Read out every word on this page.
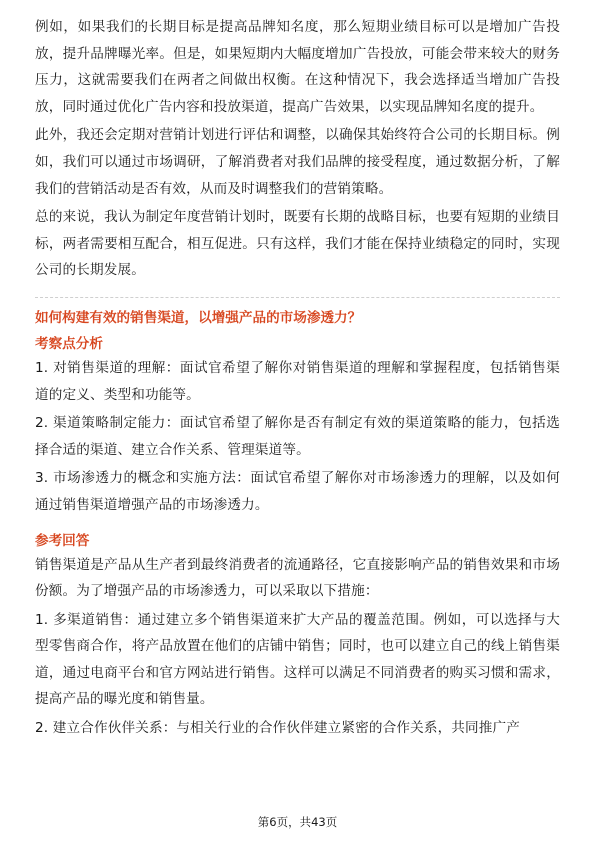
例如，如果我们的长期目标是提高品牌知名度，那么短期业绩目标可以是增加广告投放，提升品牌曝光率。但是，如果短期内大幅度增加广告投放，可能会带来较大的财务压力，这就需要我们在两者之间做出权衡。在这种情况下，我会选择适当增加广告投放，同时通过优化广告内容和投放渠道，提高广告效果，以实现品牌知名度的提升。

此外，我还会定期对营销计划进行评估和调整，以确保其始终符合公司的长期目标。例如，我们可以通过市场调研，了解消费者对我们品牌的接受程度，通过数据分析，了解我们的营销活动是否有效，从而及时调整我们的营销策略。

总的来说，我认为制定年度营销计划时，既要有长期的战略目标，也要有短期的业绩目标，两者需要相互配合，相互促进。只有这样，我们才能在保持业绩稳定的同时，实现公司的长期发展。

如何构建有效的销售渠道，以增强产品的市场渗透力？

考察点分析

1. 对销售渠道的理解：面试官希望了解你对销售渠道的理解和掌握程度，包括销售渠道的定义、类型和功能等。

2. 渠道策略制定能力：面试官希望了解你是否有制定有效的渠道策略的能力，包括选择合适的渠道、建立合作关系、管理渠道等。

3. 市场渗透力的概念和实施方法：面试官希望了解你对市场渗透力的理解，以及如何通过销售渠道增强产品的市场渗透力。

参考回答

销售渠道是产品从生产者到最终消费者的流通路径，它直接影响产品的销售效果和市场份额。为了增强产品的市场渗透力，可以采取以下措施：

1. 多渠道销售：通过建立多个销售渠道来扩大产品的覆盖范围。例如，可以选择与大型零售商合作，将产品放置在他们的店铺中销售；同时，也可以建立自己的线上销售渠道，通过电商平台和官方网站进行销售。这样可以满足不同消费者的购买习惯和需求，提高产品的曝光度和销售量。

2. 建立合作伙伴关系：与相关行业的合作伙伴建立紧密的合作关系，共同推广产

第6页，共43页
